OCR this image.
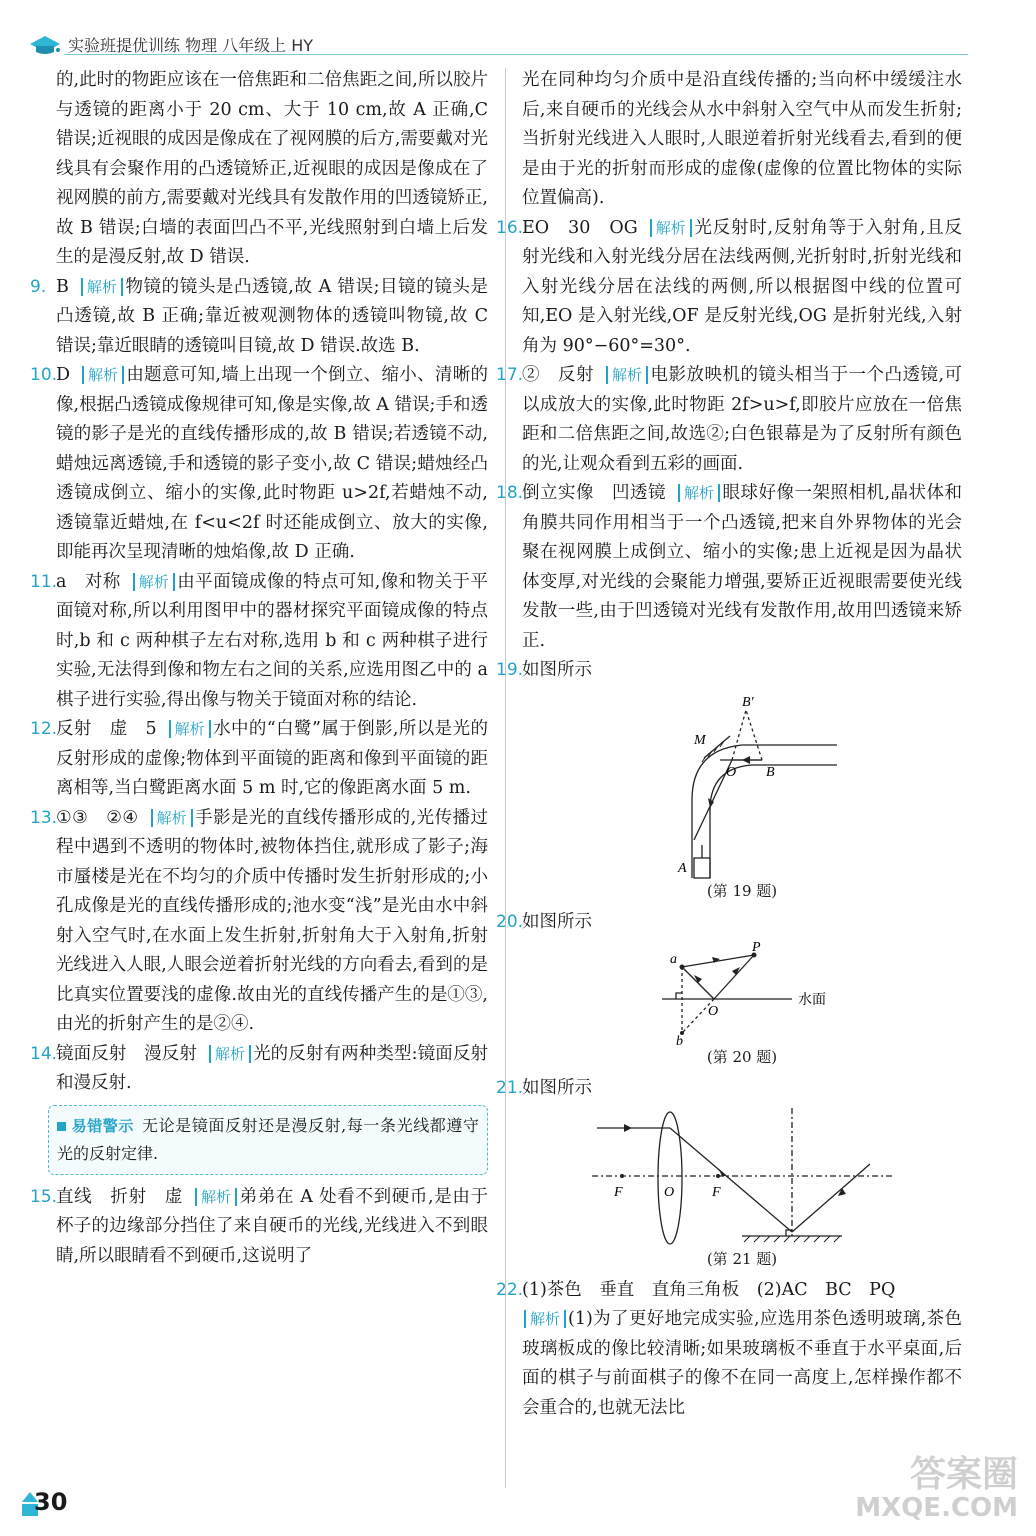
实验班提优训练 物理 八年级上 HY

的,此时的物距应该在一倍焦距和二倍焦距之间,所以胶片与透镜的距离小于 20 cm、大于 10 cm,故 A 正确,C 错误;近视眼的成因是像成在了视网膜的后方,需要戴对光线具有会聚作用的凸透镜矫正,近视眼的成因是像成在了视网膜的前方,需要戴对光线具有发散作用的凹透镜矫正,故 B 错误;白墙的表面凹凸不平,光线照射到白墙上后发生的是漫反射,故 D 错误.

9. B 解析 物镜的镜头是凸透镜,故 A 错误;目镜的镜头是凸透镜,故 B 正确;靠近被观测物体的透镜叫物镜,故 C 错误;靠近眼睛的透镜叫目镜,故 D 错误.故选 B.
10.
D 解析 由题意可知,墙上出现一个倒立、缩小、清晰的像,根据凸透镜成像规律可知,像是实像,故 A 错误;手和透镜的影子是光的直线传播形成的,故 B 错误;若透镜不动,蜡烛远离透镜,手和透镜的影子变小,故 C 错误;蜡烛经凸透镜成倒立、缩小的实像,此时物距 u>2f,若蜡烛不动,透镜靠近蜡烛,在 f<u<2f 时还能成倒立、放大的实像,即能再次呈现清晰的烛焰像,故 D 正确.
11.
a　对称 解析 由平面镜成像的特点可知,像和物关于平面镜对称,所以利用图甲中的器材探究平面镜成像的特点时,b 和 c 两种棋子左右对称,选用 b 和 c 两种棋子进行实验,无法得到像和物左右之间的关系,应选用图乙中的 a 棋子进行实验,得出像与物关于镜面对称的结论.
12.
反射　虚　5 解析 水中的“白鹭”属于倒影,所以是光的反射形成的虚像;物体到平面镜的距离和像到平面镜的距离相等,当白鹭距离水面 5 m 时,它的像距离水面 5 m.
13.
①③　②④ 解析 手影是光的直线传播形成的,光传播过程中遇到不透明的物体时,被物体挡住,就形成了影子;海市蜃楼是光在不均匀的介质中传播时发生折射形成的;小孔成像是光的直线传播形成的;池水变“浅”是光由水中斜射入空气时,在水面上发生折射,折射角大于入射角,折射光线进入人眼,人眼会逆着折射光线的方向看去,看到的是比真实位置要浅的虚像.故由光的直线传播产生的是①③,由光的折射产生的是②④.
14.
镜面反射　漫反射 解析 光的反射有两种类型:镜面反射和漫反射.
易错警示 无论是镜面反射还是漫反射,每一条光线都遵守光的反射定律.
15.
直线　折射　虚 解析 弟弟在 A 处看不到硬币,是由于杯子的边缘部分挡住了来自硬币的光线,光线进入不到眼睛,所以眼睛看不到硬币,这说明了

光在同种均匀介质中是沿直线传播的;当向杯中缓缓注水后,来自硬币的光线会从水中斜射入空气中从而发生折射;当折射光线进入人眼时,人眼逆着折射光线看去,看到的便是由于光的折射而形成的虚像(虚像的位置比物体的实际位置偏高).

16.
EO　30　OG 解析 光反射时,反射角等于入射角,且反射光线和入射光线分居在法线两侧,光折射时,折射光线和入射光线分居在法线的两侧,所以根据图中线的位置可知,EO 是入射光线,OF 是反射光线,OG 是折射光线,入射角为 90°−60°=30°.
17.
②　反射 解析 电影放映机的镜头相当于一个凸透镜,可以成放大的实像,此时物距 2f>u>f,即胶片应放在一倍焦距和二倍焦距之间,故选②;白色银幕是为了反射所有颜色的光,让观众看到五彩的画面.
18.
倒立实像　凹透镜 解析 眼球好像一架照相机,晶状体和角膜共同作用相当于一个凸透镜,把来自外界物体的光会聚在视网膜上成倒立、缩小的实像;患上近视是因为晶状体变厚,对光线的会聚能力增强,要矫正近视眼需要使光线发散一些,由于凹透镜对光线有发散作用,故用凹透镜来矫正.
19.
如图所示
B′
M
O B
A
(第 19 题)
20.
如图所示
P
a
O
b
水面
(第 20 题)
21.
如图所示
F	O	F
(第 21 题)
22.
(1)茶色　垂直　直角三角板　(2)AC　BC　PQ
解析 (1)为了更好地完成实验,应选用茶色透明玻璃,茶色玻璃板成的像比较清晰;如果玻璃板不垂直于水平桌面,后面的棋子与前面棋子的像不在同一高度上,怎样操作都不会重合的,也就无法比
30
答案圈
MXQE.COM
